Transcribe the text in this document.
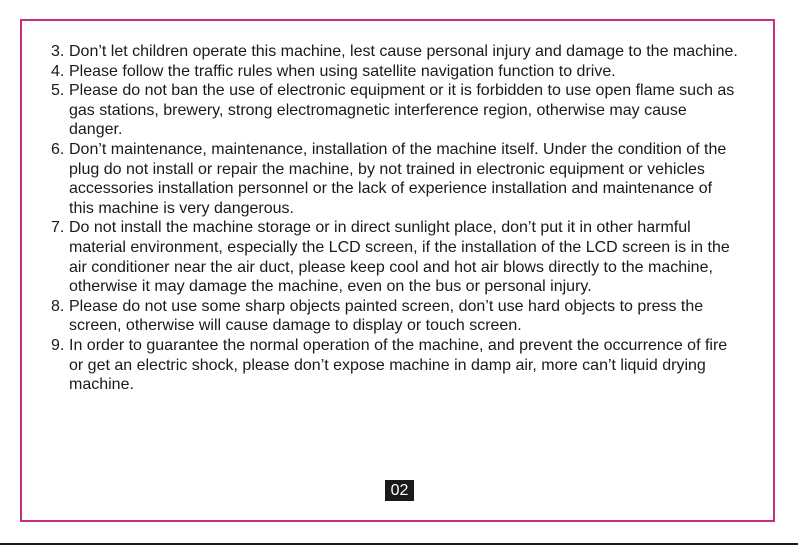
3. Don’t let children operate this machine, lest cause personal injury and damage to the machine.
4. Please follow the traffic rules when using satellite navigation function to drive.
5. Please do not ban the use of electronic equipment or it is forbidden to use open flame such as gas stations, brewery, strong electromagnetic interference region, otherwise may cause danger.
6. Don’t maintenance, maintenance, installation of the machine itself. Under the condition of the plug do not install or repair the machine, by not trained in electronic equipment or vehicles accessories installation personnel or the lack of experience installation and maintenance of this machine is very dangerous.
7. Do not install the machine storage or in direct sunlight place, don’t put it in other harmful material environment, especially the LCD screen, if the installation of the LCD screen is in the air conditioner near the air duct, please keep cool and hot air blows directly to the machine, otherwise it may damage the machine, even on the bus or personal injury.
8. Please do not use some sharp objects painted screen, don’t use hard objects to press the screen, otherwise will cause damage to display or touch screen.
9. In order to guarantee the normal operation of the machine, and prevent the occurrence of fire or get an electric shock, please don’t expose machine in damp air, more can’t liquid drying machine.
02
